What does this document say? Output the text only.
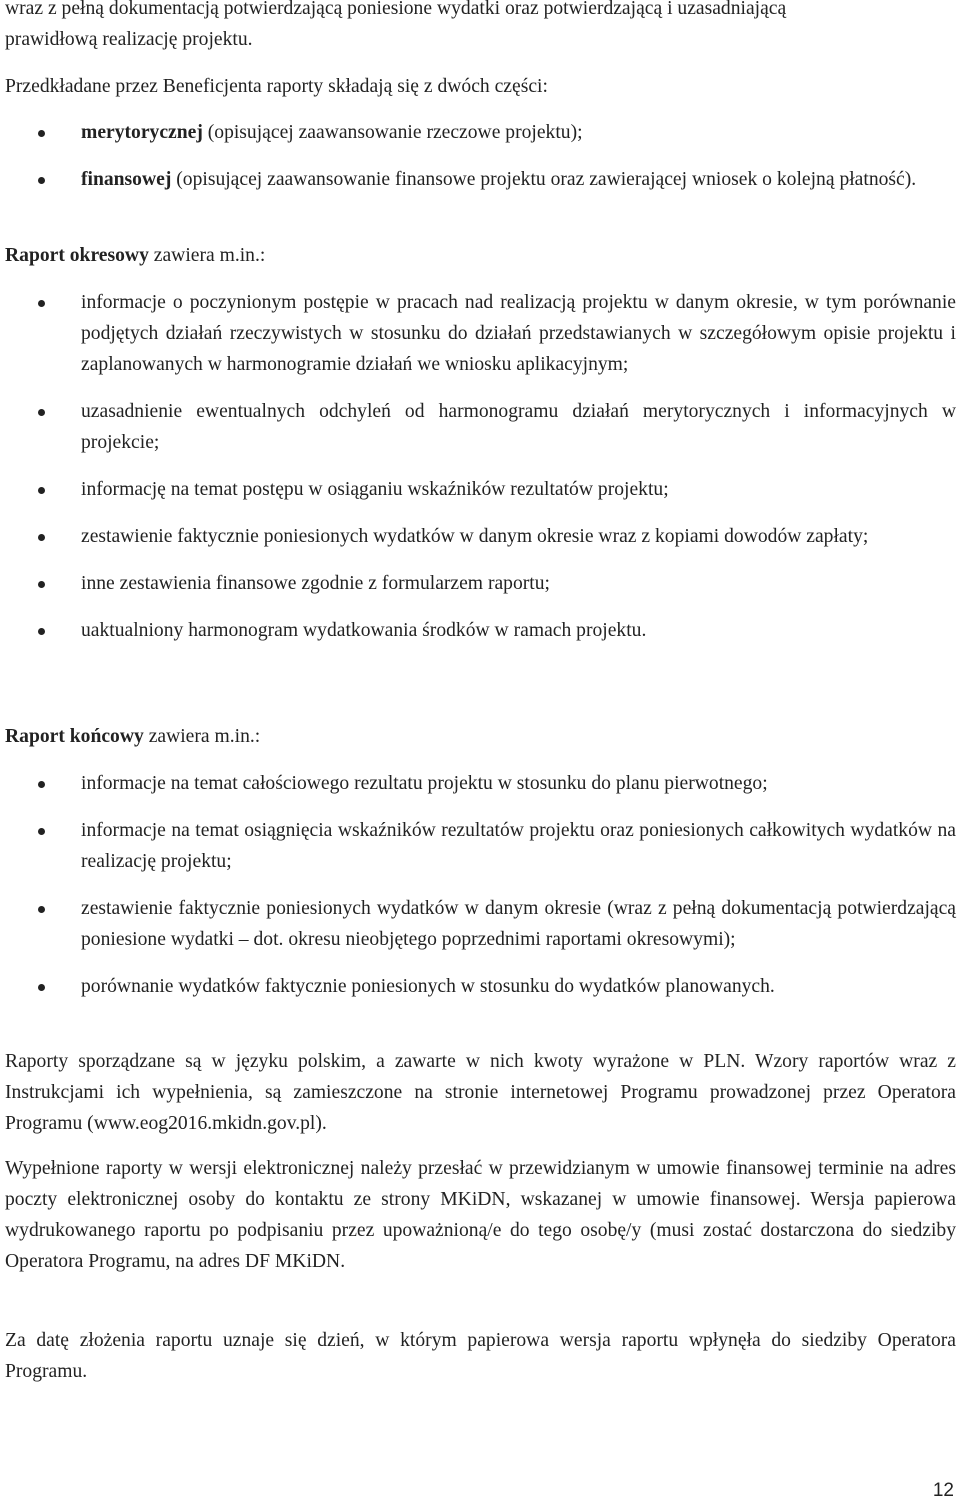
wraz z pełną dokumentacją potwierdzającą poniesione wydatki oraz potwierdzającą i uzasadniającą

prawidłową realizację projektu.

Przedkładane przez Beneficjenta raporty składają się z dwóch części:

merytorycznej (opisującej zaawansowanie rzeczowe projektu);
finansowej (opisującej zaawansowanie finansowe projektu oraz zawierającej wniosek o kolejną płatność).

Raport okresowy zawiera m.in.:

informacje o poczynionym postępie w pracach nad realizacją projektu w danym okresie, w tym porównanie podjętych działań rzeczywistych w stosunku do działań przedstawianych w szczegółowym opisie projektu i zaplanowanych w harmonogramie działań we wniosku aplikacyjnym;
uzasadnienie ewentualnych odchyleń od harmonogramu działań merytorycznych i informacyjnych w projekcie;
informację na temat postępu w osiąganiu wskaźników rezultatów projektu;
zestawienie faktycznie poniesionych wydatków w danym okresie wraz z kopiami dowodów zapłaty;
inne zestawienia finansowe zgodnie z formularzem raportu;
uaktualniony harmonogram wydatkowania środków w ramach projektu.

Raport końcowy zawiera m.in.:

informacje na temat całościowego rezultatu projektu w stosunku do planu pierwotnego;
informacje na temat osiągnięcia wskaźników rezultatów projektu oraz poniesionych całkowitych wydatków na realizację projektu;
zestawienie faktycznie poniesionych wydatków w danym okresie (wraz z pełną dokumentacją potwierdzającą poniesione wydatki – dot. okresu nieobjętego poprzednimi raportami okresowymi);
porównanie wydatków faktycznie poniesionych w stosunku do wydatków planowanych.

Raporty sporządzane są w języku polskim, a zawarte w nich kwoty wyrażone w PLN. Wzory raportów wraz z Instrukcjami ich wypełnienia, są zamieszczone na stronie internetowej Programu prowadzonej przez Operatora Programu (www.eog2016.mkidn.gov.pl).

Wypełnione raporty w wersji elektronicznej należy przesłać w przewidzianym w umowie finansowej terminie na adres poczty elektronicznej osoby do kontaktu ze strony MKiDN, wskazanej w umowie finansowej. Wersja papierowa wydrukowanego raportu po podpisaniu przez upoważnioną/e do tego osobę/y (musi zostać dostarczona do siedziby Operatora Programu, na adres DF MKiDN.

Za datę złożenia raportu uznaje się dzień, w którym papierowa wersja raportu wpłynęła do siedziby Operatora Programu.

12
